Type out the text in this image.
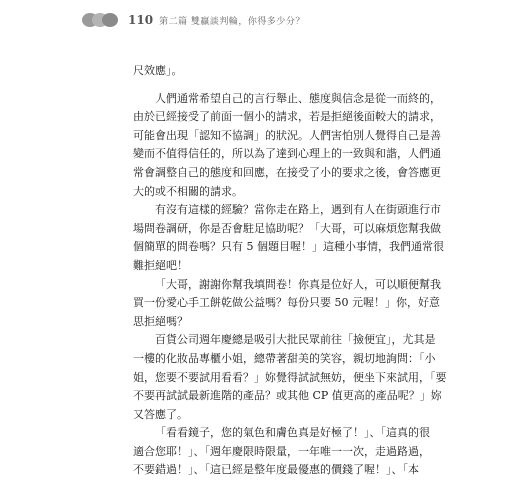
110 第二篇 雙贏談判輪，你得多少分？

尺效應」。

人們通常希望自己的言行舉止、態度與信念是從一而終的，
由於已經接受了前面一個小的請求，若是拒絕後面較大的請求，
可能會出現「認知不協調」的狀況。人們害怕別人覺得自己是善
變而不值得信任的，所以為了達到心理上的一致與和諧，人們通
常會調整自己的態度和回應，在接受了小的要求之後，會答應更
大的或不相關的請求。

有沒有這樣的經驗？當你走在路上，遇到有人在街頭進行市
場問卷調研，你是否會駐足協助呢？「大哥，可以麻煩您幫我做
個簡單的問卷嗎？只有 5 個題目喔！」這種小事情，我們通常很
難拒絕吧！

「大哥，謝謝你幫我填問卷！你真是位好人，可以順便幫我
買一份愛心手工餅乾做公益嗎？每份只要 50 元喔！」你，好意
思拒絕嗎？

百貨公司週年慶總是吸引大批民眾前往「撿便宜」，尤其是
一樓的化妝品專櫃小姐，總帶著甜美的笑容，親切地詢問：「小
姐，您要不要試用看看？」妳覺得試試無妨，便坐下來試用，「要
不要再試試最新進階的產品？或其他 CP 值更高的產品呢？」妳
又答應了。

「看看鏡子，您的氣色和膚色真是好極了！」、「這真的很
適合您耶！」、「週年慶限時限量，一年唯一一次，走過路過，
不要錯過！」、「這已經是整年度最優惠的價錢了喔！」、「本
